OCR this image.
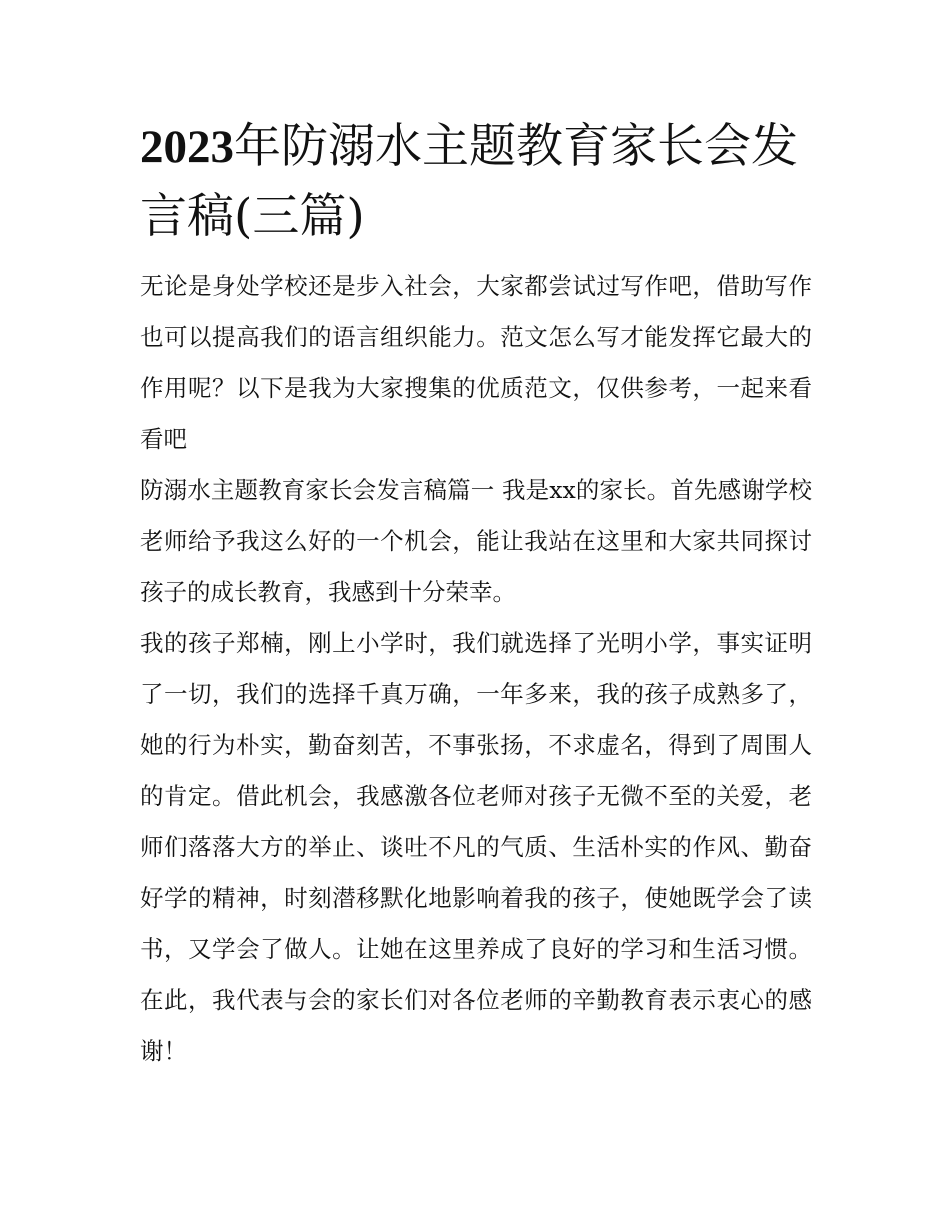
2023年防溺水主题教育家长会发言稿(三篇)

无论是身处学校还是步入社会，大家都尝试过写作吧，借助写作也可以提高我们的语言组织能力。范文怎么写才能发挥它最大的作用呢？以下是我为大家搜集的优质范文，仅供参考，一起来看看吧

防溺水主题教育家长会发言稿篇一 我是xx的家长。首先感谢学校老师给予我这么好的一个机会，能让我站在这里和大家共同探讨孩子的成长教育，我感到十分荣幸。

我的孩子郑楠，刚上小学时，我们就选择了光明小学，事实证明了一切，我们的选择千真万确，一年多来，我的孩子成熟多了，她的行为朴实，勤奋刻苦，不事张扬，不求虚名，得到了周围人的肯定。借此机会，我感激各位老师对孩子无微不至的关爱，老师们落落大方的举止、谈吐不凡的气质、生活朴实的作风、勤奋好学的精神，时刻潜移默化地影响着我的孩子，使她既学会了读书，又学会了做人。让她在这里养成了良好的学习和生活习惯。在此，我代表与会的家长们对各位老师的辛勤教育表示衷心的感谢！
